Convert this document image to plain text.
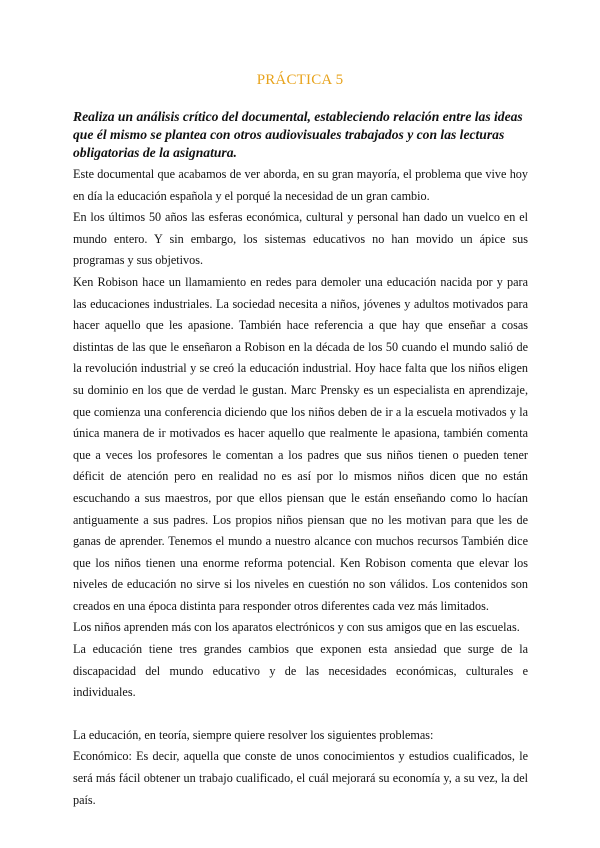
PRÁCTICA 5

Realiza un análisis crítico del documental, estableciendo relación entre las ideas que él mismo se plantea con otros audiovisuales trabajados y con las lecturas obligatorias de la asignatura.

Este documental que acabamos de ver aborda, en su gran mayoría, el problema que vive hoy en día la educación española y el porqué la necesidad de un gran cambio.

En los últimos 50 años las esferas económica, cultural y personal han dado un vuelco en el mundo entero. Y sin embargo, los sistemas educativos no han movido un ápice sus programas y sus objetivos.

Ken Robison hace un llamamiento en redes para demoler una educación nacida por y para las educaciones industriales. La sociedad necesita a niños, jóvenes y adultos motivados para hacer aquello que les apasione. También hace referencia a que hay que enseñar a cosas distintas de las que le enseñaron a Robison en la década de los 50 cuando el mundo salió de la revolución industrial y se creó la educación industrial. Hoy hace falta que los niños eligen su dominio en los que de verdad le gustan. Marc Prensky es un especialista en aprendizaje, que comienza una conferencia diciendo que los niños deben de ir a la escuela motivados y la única manera de ir motivados es hacer aquello que realmente le apasiona, también comenta que a veces los profesores le comentan a los padres que sus niños tienen o pueden tener déficit de atención pero en realidad no es así por lo mismos niños dicen que no están escuchando a sus maestros, por que ellos piensan que le están enseñando como lo hacían antiguamente a sus padres. Los propios niños piensan que no les motivan para que les de ganas de aprender. Tenemos el mundo a nuestro alcance con muchos recursos También dice que los niños tienen una enorme reforma potencial. Ken Robison comenta que elevar los niveles de educación no sirve si los niveles en cuestión no son válidos. Los contenidos son creados en una época distinta para responder otros diferentes cada vez más limitados.

Los niños aprenden más con los aparatos electrónicos y con sus amigos que en las escuelas.

La educación tiene tres grandes cambios que exponen esta ansiedad que surge de la discapacidad del mundo educativo y de las necesidades económicas, culturales e individuales.

La educación, en teoría, siempre quiere resolver los siguientes problemas:

Económico: Es decir, aquella que conste de unos conocimientos y estudios cualificados, le será más fácil obtener un trabajo cualificado, el cuál mejorará su economía y, a su vez, la del país.
